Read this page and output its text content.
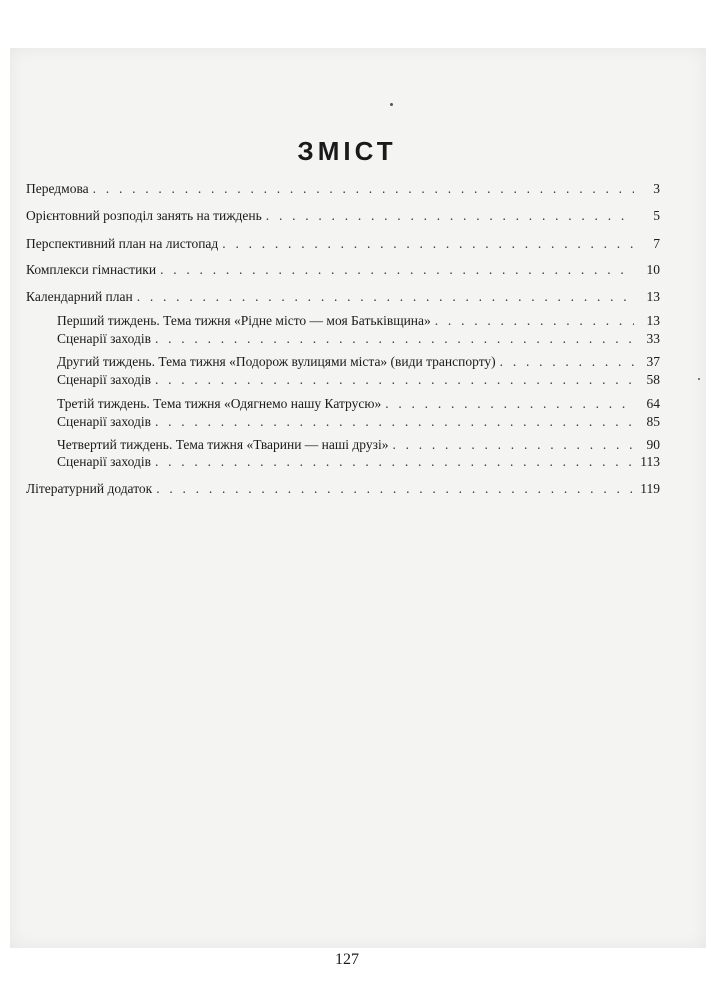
ЗМІСТ
Передмова . . .	3
Орієнтовний розподіл занять на тиждень . . .	5
Перспективний план на листопад . . .	7
Комплекси гімнастики . . .	10
Календарний план . . .	13
Перший тиждень. Тема тижня «Рідне місто — моя Батьківщина» . . .	13
Сценарії заходів . . .	33
Другий тиждень. Тема тижня «Подорож вулицями міста» (види транспорту) . . .	37
Сценарії заходів . . .	58
Третій тиждень. Тема тижня «Одягнемо нашу Катрусю» . . .	64
Сценарії заходів . . .	85
Четвертий тиждень. Тема тижня «Тварини — наші друзі» . . .	90
Сценарії заходів . . .	113
Літературний додаток . . .	119
127
